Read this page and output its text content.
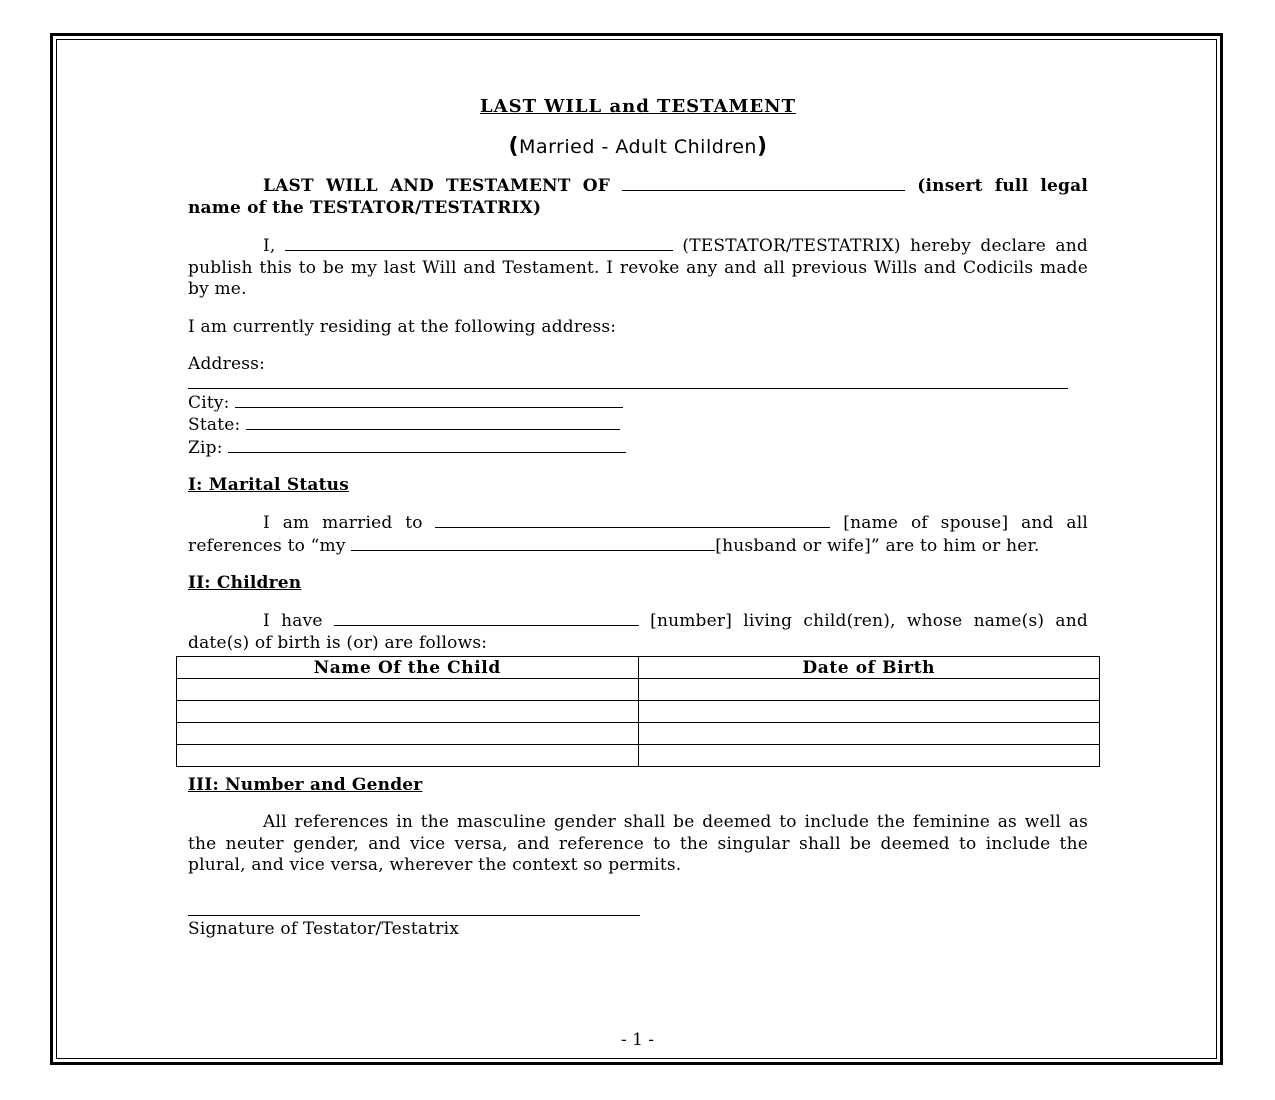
LAST WILL and TESTAMENT
(Married - Adult Children)

LAST WILL AND TESTAMENT OF	(insert full legal name of the TESTATOR/TESTATRIX)

I,	(TESTATOR/TESTATRIX) hereby declare and publish this to be my last Will and Testament. I revoke any and all previous Wills and Codicils made by me.

I am currently residing at the following address:

Address:

City:

State:

Zip:

I: Marital Status

I am married to	[name of spouse] and all references to “my	[husband or wife]” are to him or her.

II: Children

I have	[number] living child(ren), whose name(s) and date(s) of birth is (or) are follows:

Name Of the Child	Date of Birth

III: Number and Gender

All references in the masculine gender shall be deemed to include the feminine as well as the neuter gender, and vice versa, and reference to the singular shall be deemed to include the plural, and vice versa, wherever the context so permits.

Signature of Testator/Testatrix
- 1 -
